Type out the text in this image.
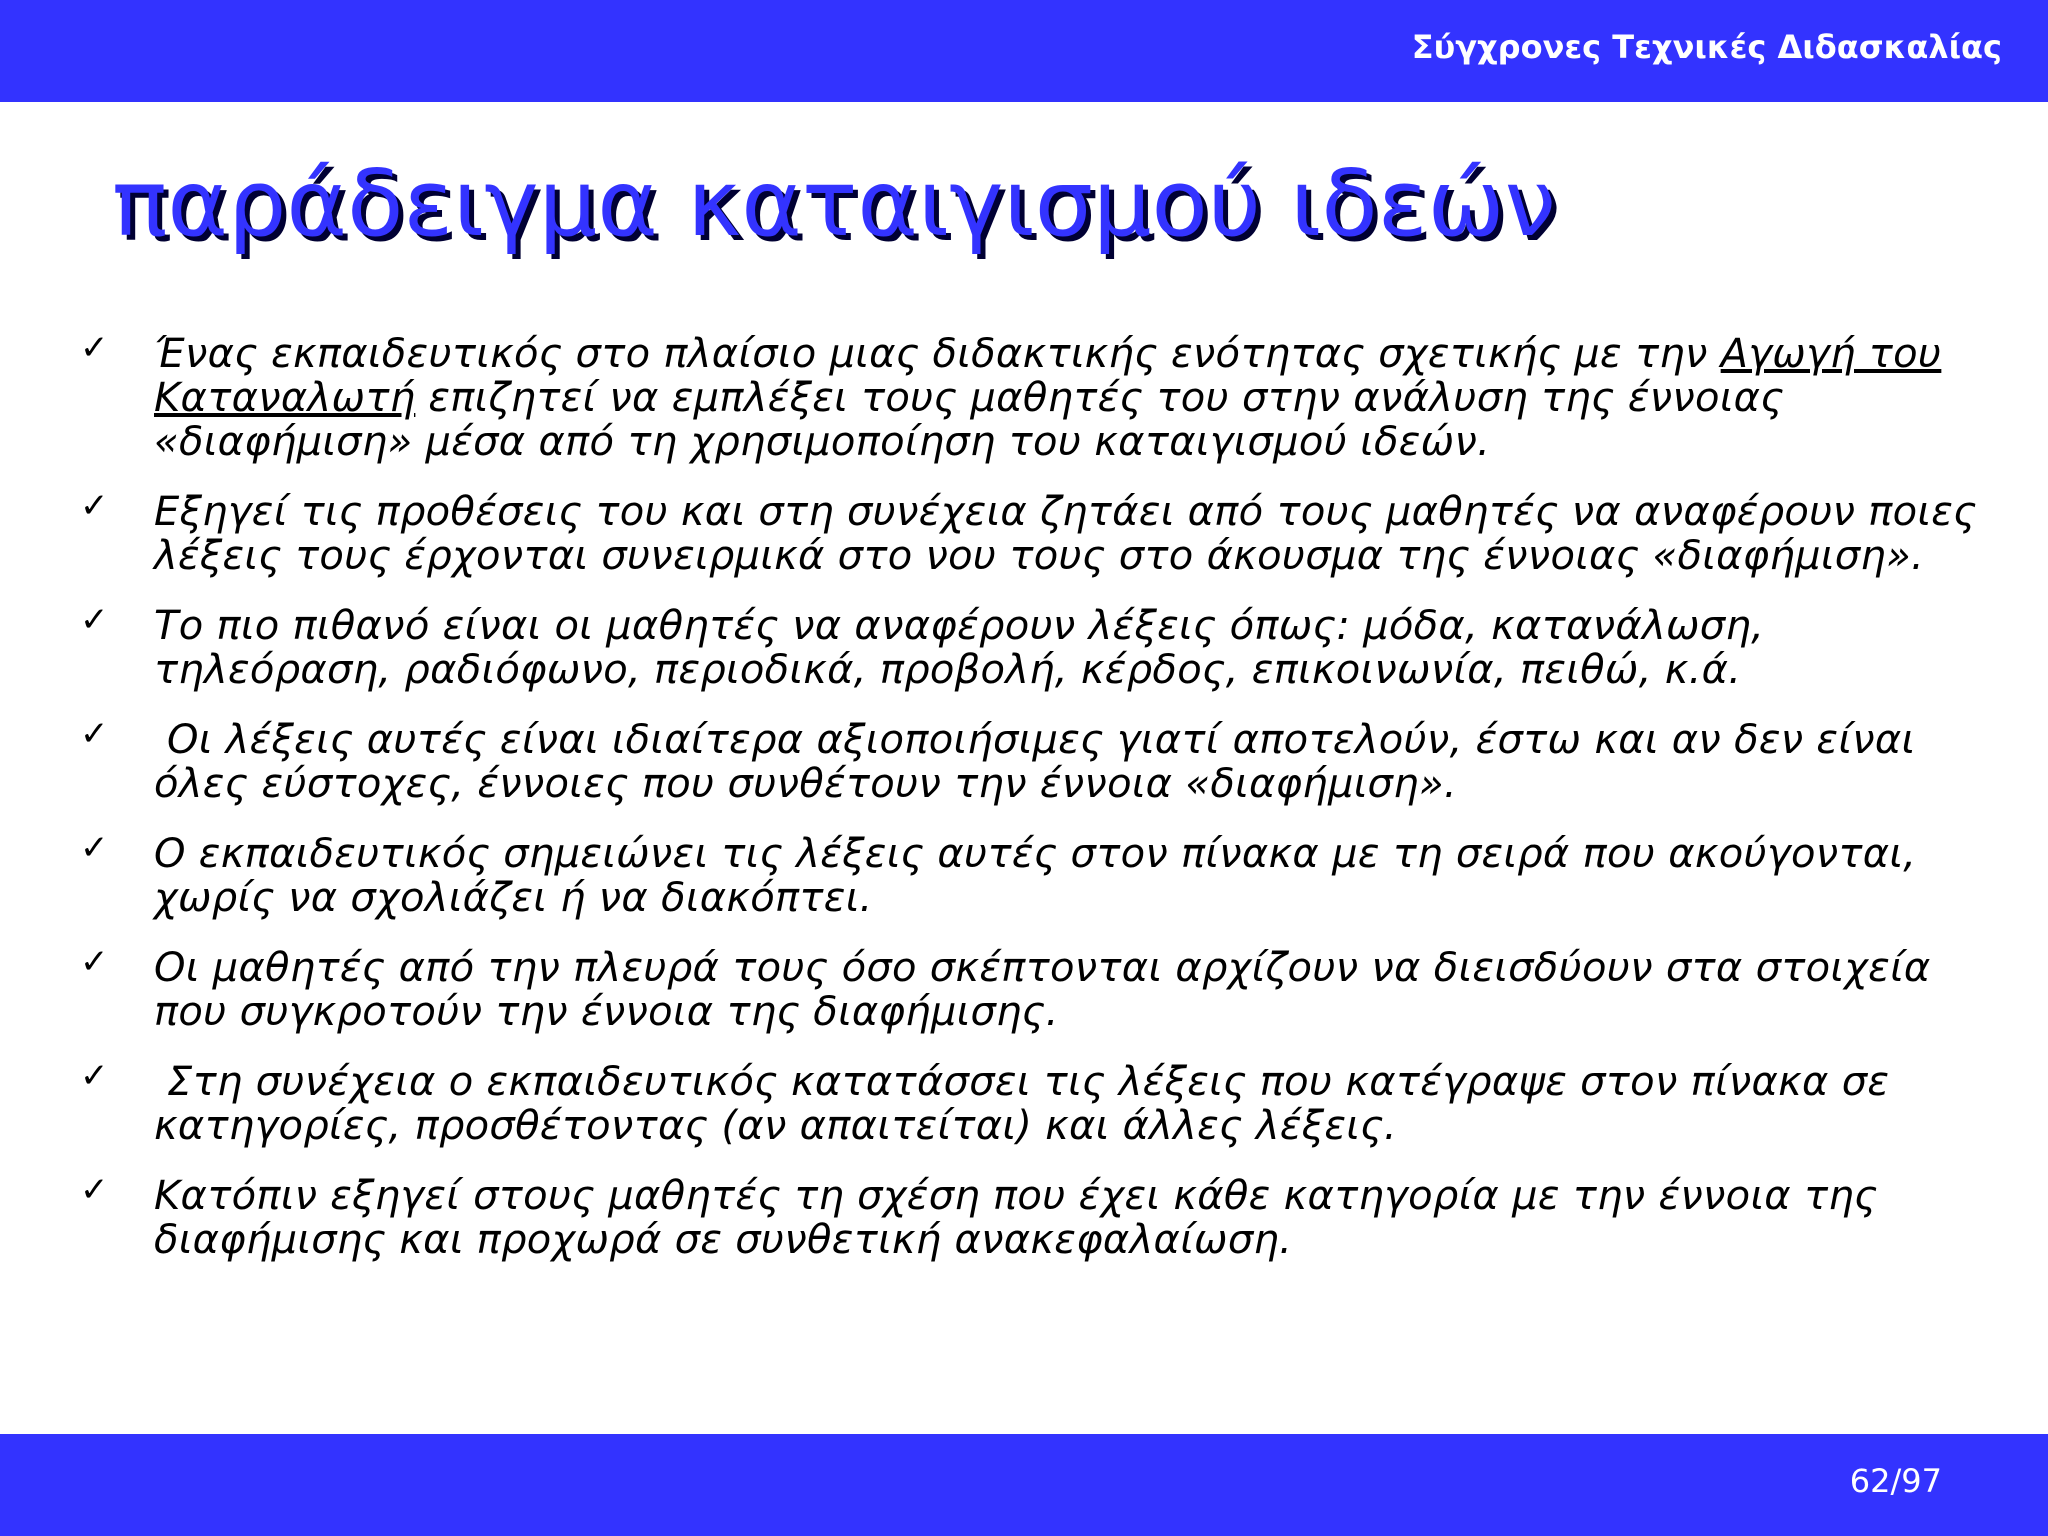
Σύγχρονες Τεχνικές Διδασκαλίας
παράδειγμα καταιγισμού ιδεών
✓ Ένας εκπαιδευτικός στο πλαίσιο μιας διδακτικής ενότητας σχετικής με την Αγωγή του Καταναλωτή επιζητεί να εμπλέξει τους μαθητές του στην ανάλυση της έννοιας «διαφήμιση» μέσα από τη χρησιμοποίηση του καταιγισμού ιδεών.
✓ Εξηγεί τις προθέσεις του και στη συνέχεια ζητάει από τους μαθητές να αναφέρουν ποιες λέξεις τους έρχονται συνειρμικά στο νου τους στο άκουσμα της έννοιας «διαφήμιση».
✓ Το πιο πιθανό είναι οι μαθητές να αναφέρουν λέξεις όπως: μόδα, κατανάλωση, τηλεόραση, ραδιόφωνο, περιοδικά, προβολή, κέρδος, επικοινωνία, πειθώ, κ.ά.
✓ Οι λέξεις αυτές είναι ιδιαίτερα αξιοποιήσιμες γιατί αποτελούν, έστω και αν δεν είναι όλες εύστοχες, έννοιες που συνθέτουν την έννοια «διαφήμιση».
✓ Ο εκπαιδευτικός σημειώνει τις λέξεις αυτές στον πίνακα με τη σειρά που ακούγονται, χωρίς να σχολιάζει ή να διακόπτει.
✓ Οι μαθητές από την πλευρά τους όσο σκέπτονται αρχίζουν να διεισδύουν στα στοιχεία που συγκροτούν την έννοια της διαφήμισης.
✓ Στη συνέχεια ο εκπαιδευτικός κατατάσσει τις λέξεις που κατέγραψε στον πίνακα σε κατηγορίες, προσθέτοντας (αν απαιτείται) και άλλες λέξεις.
✓ Κατόπιν εξηγεί στους μαθητές τη σχέση που έχει κάθε κατηγορία με την έννοια της διαφήμισης και προχωρά σε συνθετική ανακεφαλαίωση.
62/97
